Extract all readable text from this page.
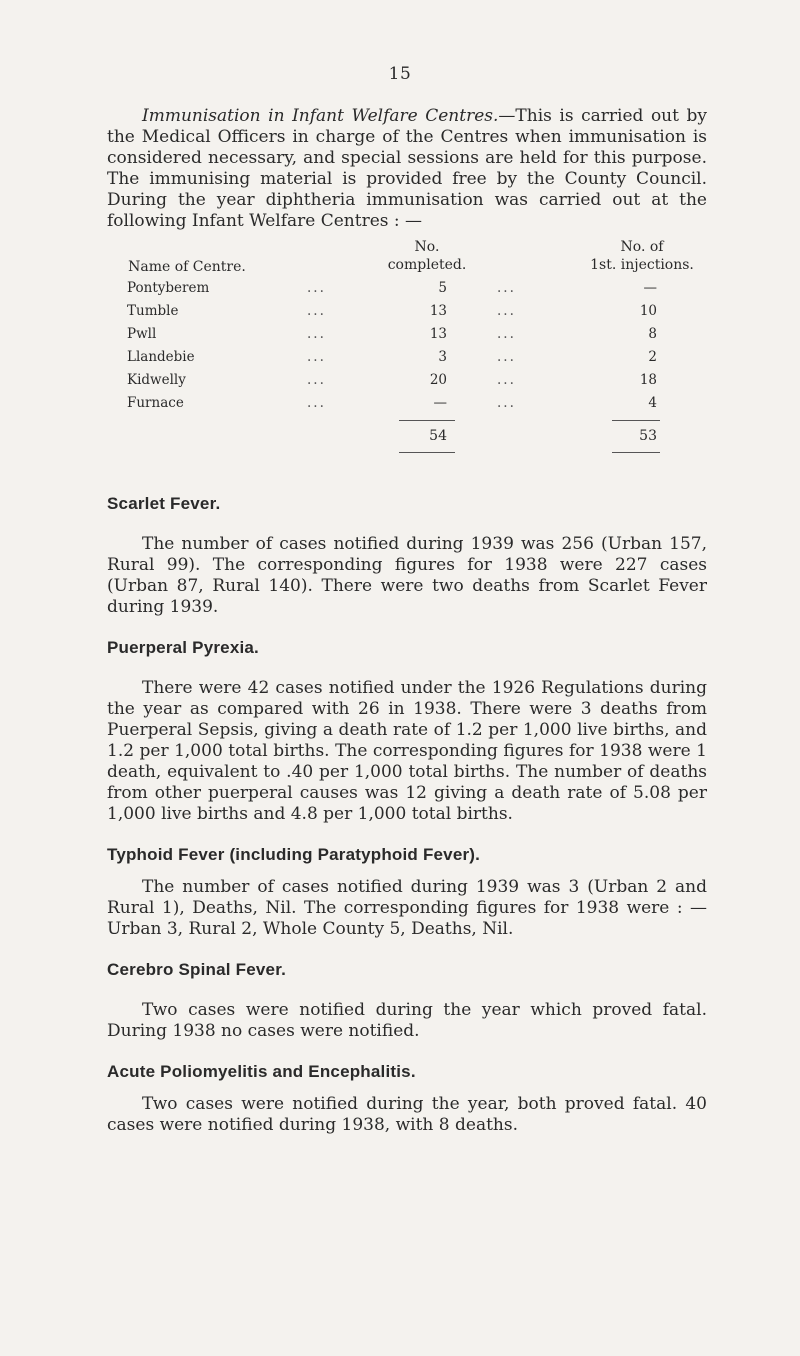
15

Immunisation in Infant Welfare Centres.—This is carried out by the Medical Officers in charge of the Centres when immunisation is considered necessary, and special sessions are held for this purpose. The immunising material is provided free by the County Council. During the year diphtheria immunisation was carried out at the following Infant Welfare Centres : —

Name of Centre.
No.
completed.
No. of
1st. injections.
Pontyberem	...	5	...	—
Tumble	...	13	...	10
Pwll	...	13	...	8
Llandebie	...	3	...	2
Kidwelly	...	20	...	18
Furnace	...	—	...	4
54	53
Scarlet Fever.

The number of cases notified during 1939 was 256 (Urban 157, Rural 99). The corresponding figures for 1938 were 227 cases (Urban 87, Rural 140). There were two deaths from Scarlet Fever during 1939.

Puerperal Pyrexia.

There were 42 cases notified under the 1926 Regulations during the year as compared with 26 in 1938. There were 3 deaths from Puerperal Sepsis, giving a death rate of 1.2 per 1,000 live births, and 1.2 per 1,000 total births. The corresponding figures for 1938 were 1 death, equivalent to .40 per 1,000 total births. The number of deaths from other puerperal causes was 12 giving a death rate of 5.08 per 1,000 live births and 4.8 per 1,000 total births.

Typhoid Fever (including Paratyphoid Fever).

The number of cases notified during 1939 was 3 (Urban 2 and Rural 1), Deaths, Nil. The corresponding figures for 1938 were : —Urban 3, Rural 2, Whole County 5, Deaths, Nil.

Cerebro Spinal Fever.

Two cases were notified during the year which proved fatal. During 1938 no cases were notified.

Acute Poliomyelitis and Encephalitis.

Two cases were notified during the year, both proved fatal. 40 cases were notified during 1938, with 8 deaths.
